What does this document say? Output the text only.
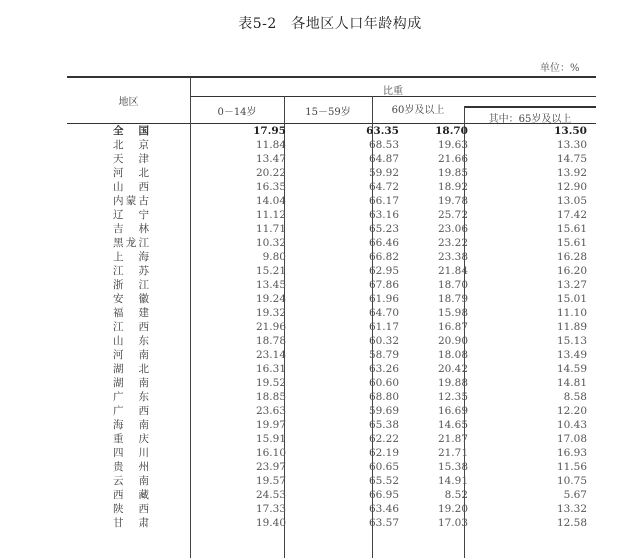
表5-2　各地区人口年龄构成
单位：%
地区
比重
0－14岁	15－59岁	60岁及以上
其中：65岁及以上
全　国	17.95	63.35	18.70	13.50
北　京	11.84	68.53	19.63	13.30
天　津	13.47	64.87	21.66	14.75
河　北	20.22	59.92	19.85	13.92
山　西	16.35	64.72	18.92	12.90
内蒙古	14.04	66.17	19.78	13.05
辽　宁	11.12	63.16	25.72	17.42
吉　林	11.71	65.23	23.06	15.61
黑龙江	10.32	66.46	23.22	15.61
上　海	9.80	66.82	23.38	16.28
江　苏	15.21	62.95	21.84	16.20
浙　江	13.45	67.86	18.70	13.27
安　徽	19.24	61.96	18.79	15.01
福　建	19.32	64.70	15.98	11.10
江　西	21.96	61.17	16.87	11.89
山　东	18.78	60.32	20.90	15.13
河　南	23.14	58.79	18.08	13.49
湖　北	16.31	63.26	20.42	14.59
湖　南	19.52	60.60	19.88	14.81
广　东	18.85	68.80	12.35	8.58
广　西	23.63	59.69	16.69	12.20
海　南	19.97	65.38	14.65	10.43
重　庆	15.91	62.22	21.87	17.08
四　川	16.10	62.19	21.71	16.93
贵　州	23.97	60.65	15.38	11.56
云　南	19.57	65.52	14.91	10.75
西　藏	24.53	66.95	8.52	5.67
陕　西	17.33	63.46	19.20	13.32
甘　肃	19.40	63.57	17.03	12.58
